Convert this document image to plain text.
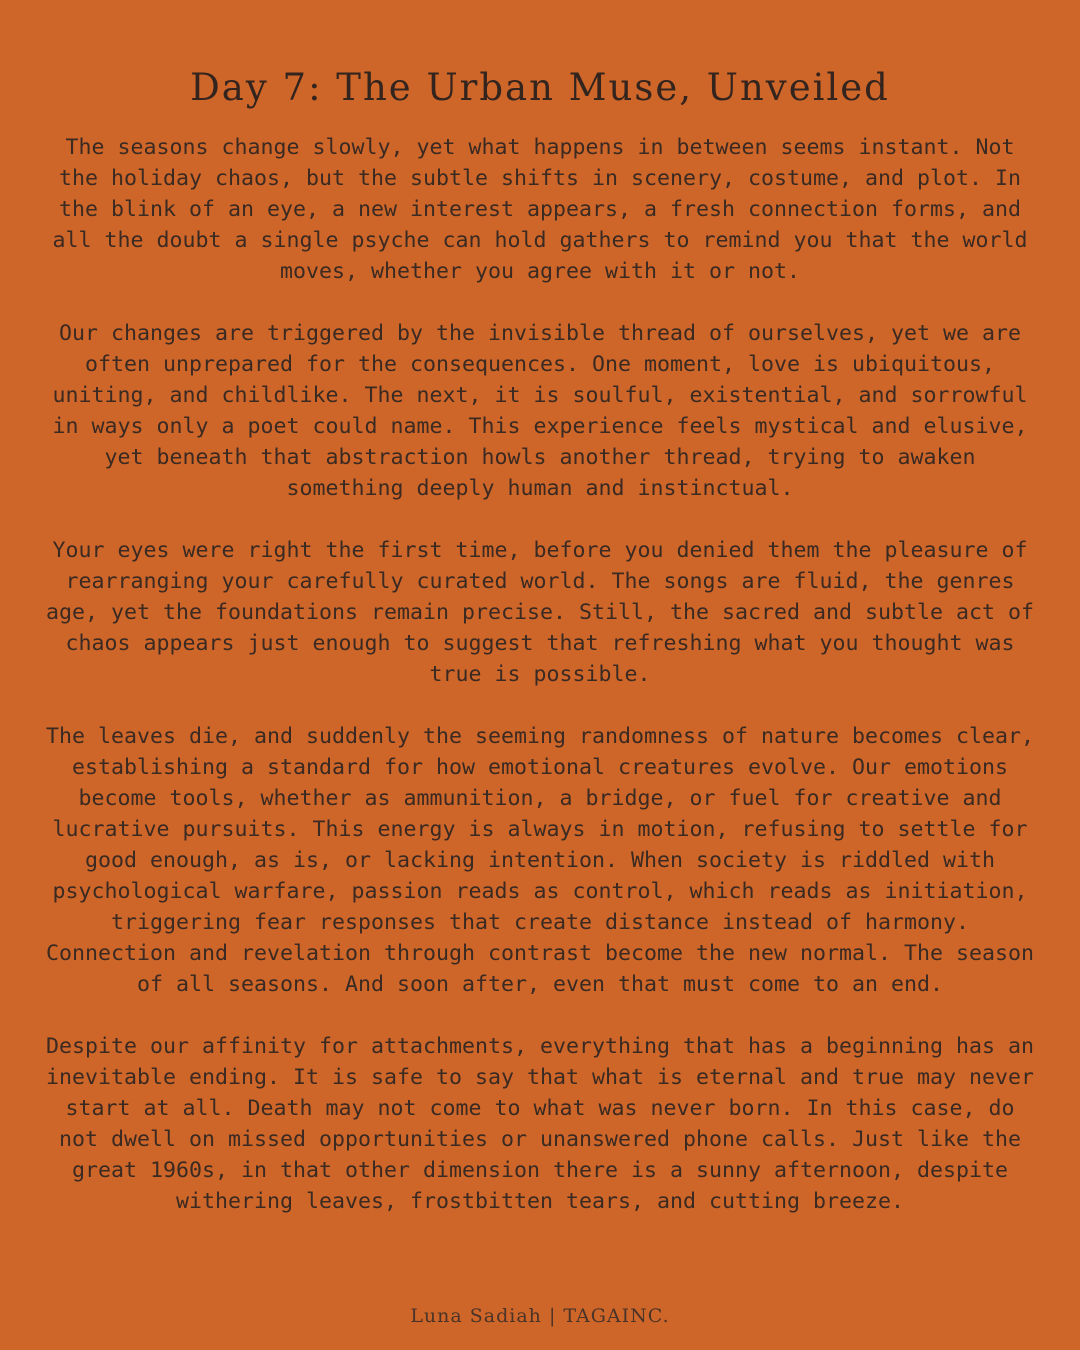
Day 7: The Urban Muse, Unveiled

The seasons change slowly, yet what happens in between seems instant. Not the holiday chaos, but the subtle shifts in scenery, costume, and plot. In the blink of an eye, a new interest appears, a fresh connection forms, and all the doubt a single psyche can hold gathers to remind you that the world moves, whether you agree with it or not.

Our changes are triggered by the invisible thread of ourselves, yet we are often unprepared for the consequences. One moment, love is ubiquitous, uniting, and childlike. The next, it is soulful, existential, and sorrowful in ways only a poet could name. This experience feels mystical and elusive, yet beneath that abstraction howls another thread, trying to awaken something deeply human and instinctual.

Your eyes were right the first time, before you denied them the pleasure of rearranging your carefully curated world. The songs are fluid, the genres age, yet the foundations remain precise. Still, the sacred and subtle act of chaos appears just enough to suggest that refreshing what you thought was true is possible.

The leaves die, and suddenly the seeming randomness of nature becomes clear, establishing a standard for how emotional creatures evolve. Our emotions become tools, whether as ammunition, a bridge, or fuel for creative and lucrative pursuits. This energy is always in motion, refusing to settle for good enough, as is, or lacking intention. When society is riddled with psychological warfare, passion reads as control, which reads as initiation, triggering fear responses that create distance instead of harmony. Connection and revelation through contrast become the new normal. The season of all seasons. And soon after, even that must come to an end.

Despite our affinity for attachments, everything that has a beginning has an inevitable ending. It is safe to say that what is eternal and true may never start at all. Death may not come to what was never born. In this case, do not dwell on missed opportunities or unanswered phone calls. Just like the great 1960s, in that other dimension there is a sunny afternoon, despite withering leaves, frostbitten tears, and cutting breeze.

Luna Sadiah | TAGAINC.
